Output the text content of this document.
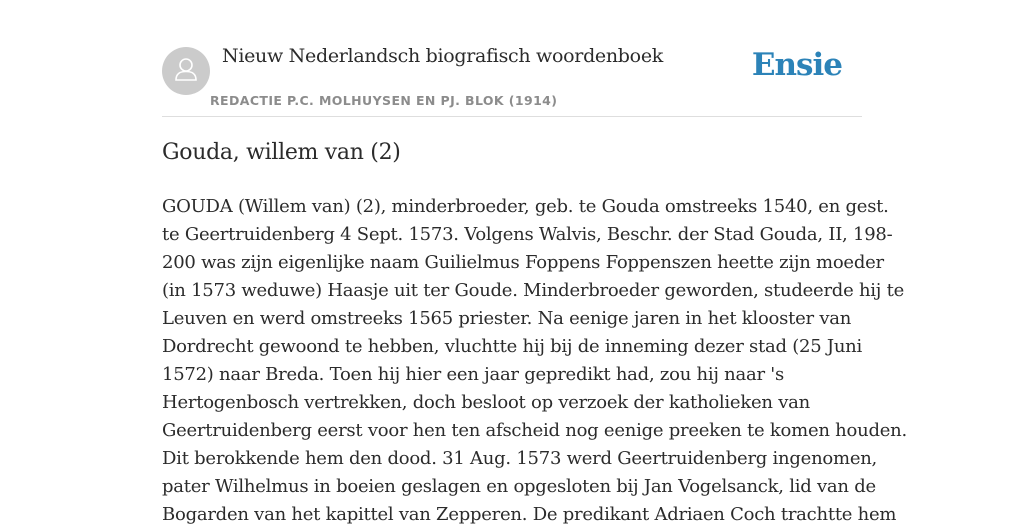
Nieuw Nederlandsch biografisch woordenboek
REDACTIE P.C. MOLHUYSEN EN PJ. BLOK (1914)
Ensie
Gouda, willem van (2)

GOUDA (Willem van) (2), minderbroeder, geb. te Gouda omstreeks 1540, en gest.
te Geertruidenberg 4 Sept. 1573. Volgens Walvis, Beschr. der Stad Gouda, II, 198-
200 was zijn eigenlijke naam Guilielmus Foppens Foppenszen heette zijn moeder
(in 1573 weduwe) Haasje uit ter Goude. Minderbroeder geworden, studeerde hij te
Leuven en werd omstreeks 1565 priester. Na eenige jaren in het klooster van
Dordrecht gewoond te hebben, vluchtte hij bij de inneming dezer stad (25 Juni
1572) naar Breda. Toen hij hier een jaar gepredikt had, zou hij naar 's
Hertogenbosch vertrekken, doch besloot op verzoek der katholieken van
Geertruidenberg eerst voor hen ten afscheid nog eenige preeken te komen houden.
Dit berokkende hem den dood. 31 Aug. 1573 werd Geertruidenberg ingenomen,
pater Wilhelmus in boeien geslagen en opgesloten bij Jan Vogelsanck, lid van de
Bogarden van het kapittel van Zepperen. De predikant Adriaen Coch trachtte hem
